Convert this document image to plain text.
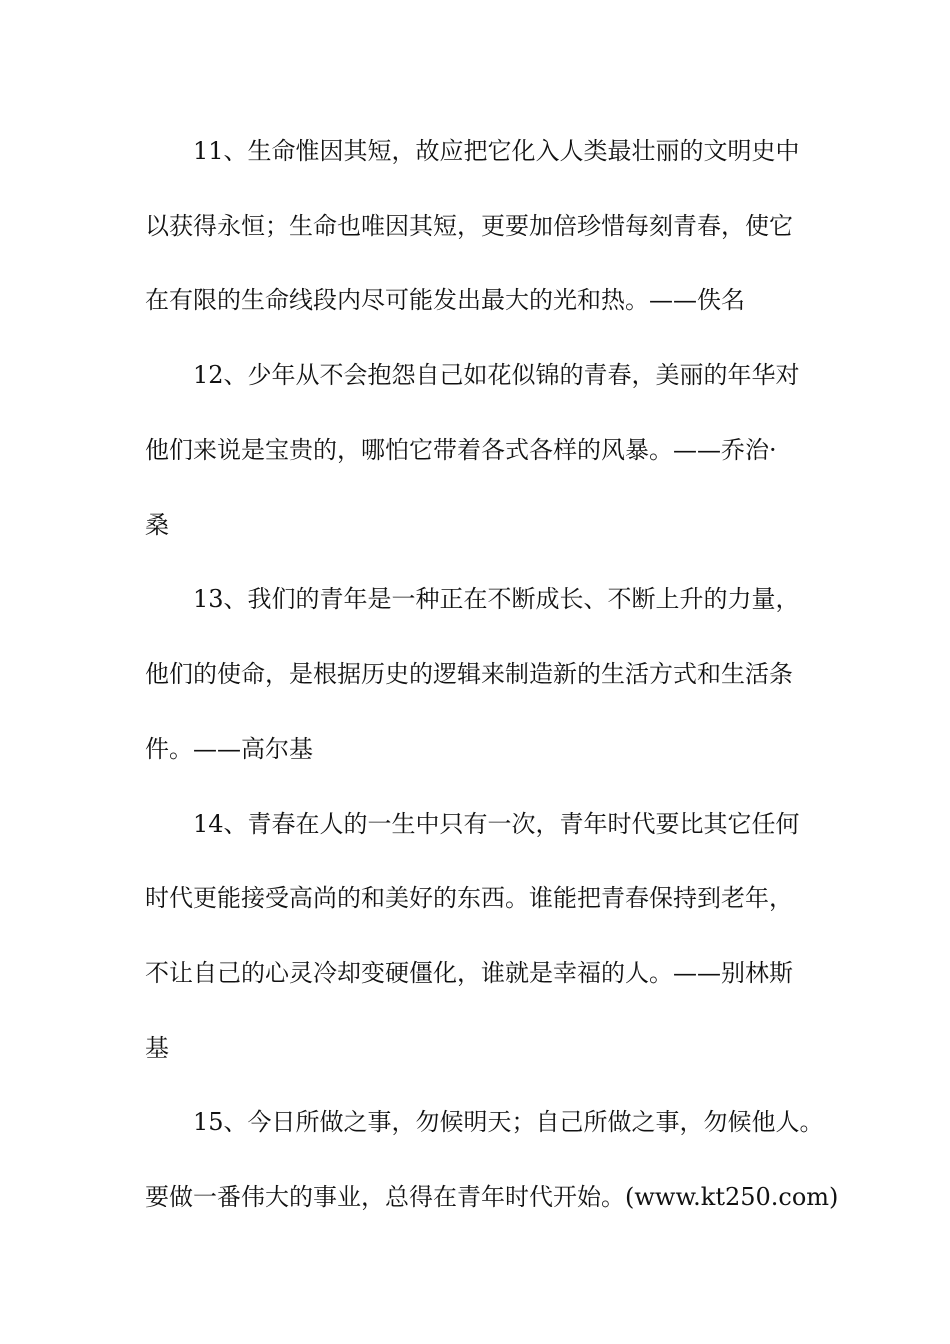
11、生命惟因其短，故应把它化入人类最壮丽的文明史中
以获得永恒；生命也唯因其短，更要加倍珍惜每刻青春，使它
在有限的生命线段内尽可能发出最大的光和热。——佚名
12、少年从不会抱怨自己如花似锦的青春，美丽的年华对
他们来说是宝贵的，哪怕它带着各式各样的风暴。——乔治·
桑
13、我们的青年是一种正在不断成长、不断上升的力量，
他们的使命，是根据历史的逻辑来制造新的生活方式和生活条
件。——高尔基
14、青春在人的一生中只有一次，青年时代要比其它任何
时代更能接受高尚的和美好的东西。谁能把青春保持到老年，
不让自己的心灵冷却变硬僵化，谁就是幸福的人。——别林斯
基
15、今日所做之事，勿候明天；自己所做之事，勿候他人。
要做一番伟大的事业，总得在青年时代开始。(www.kt250.com)
